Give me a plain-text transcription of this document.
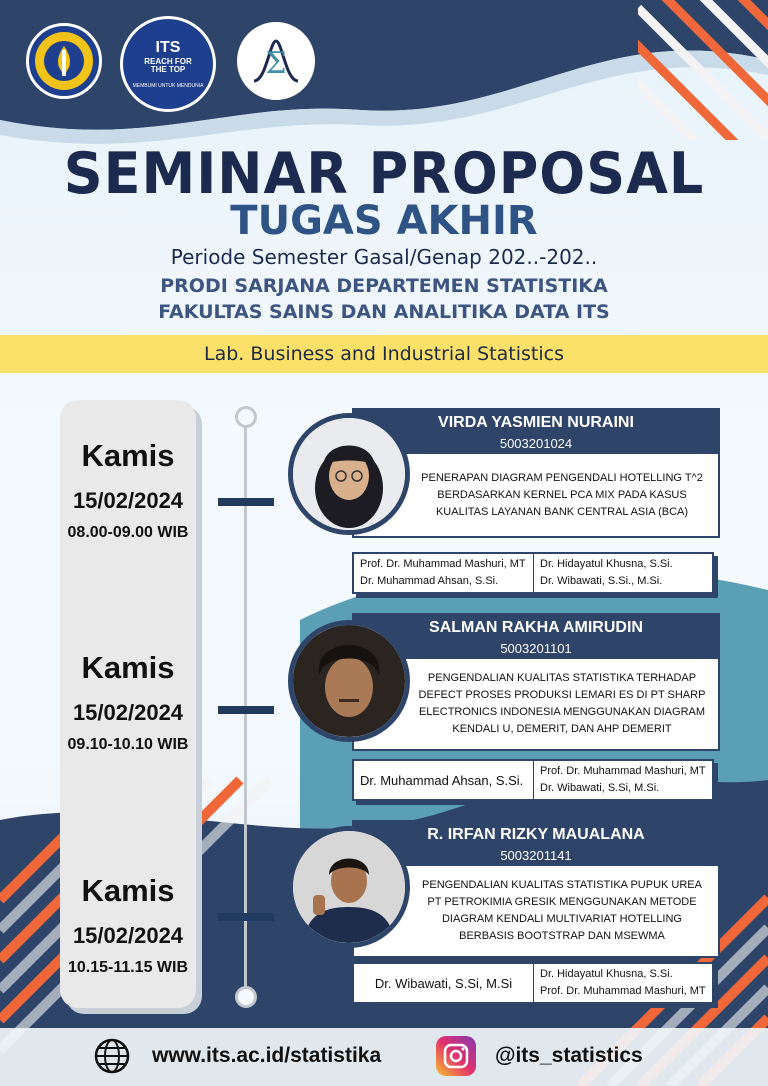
ITS
REACH FOR THE TOP
MEMBUMI UNTUK MENDUNIA
Σ
SEMINAR PROPOSAL
TUGAS AKHIR
Periode Semester Gasal/Genap 202..-202..
PRODI SARJANA DEPARTEMEN STATISTIKA
FAKULTAS SAINS DAN ANALITIKA DATA ITS
Lab. Business and Industrial Statistics
Kamis
15/02/2024
08.00-09.00 WIB
Kamis
15/02/2024
09.10-10.10 WIB
Kamis
15/02/2024
10.15-11.15 WIB
VIRDA YASMIEN NURAINI
5003201024
PENERAPAN DIAGRAM PENGENDALI HOTELLING T^2 BERDASARKAN KERNEL PCA MIX PADA KASUS KUALITAS LAYANAN BANK CENTRAL ASIA (BCA)
Prof. Dr. Muhammad Mashuri, MT
Dr. Muhammad Ahsan, S.Si.
Dr. Hidayatul Khusna, S.Si.
Dr. Wibawati, S.Si., M.Si.
SALMAN RAKHA AMIRUDIN
5003201101
PENGENDALIAN KUALITAS STATISTIKA TERHADAP DEFECT PROSES PRODUKSI LEMARI ES DI PT SHARP ELECTRONICS INDONESIA MENGGUNAKAN DIAGRAM KENDALI U, DEMERIT, DAN AHP DEMERIT
Dr. Muhammad Ahsan, S.Si.
Prof. Dr. Muhammad Mashuri, MT
Dr. Wibawati, S.Si, M.Si.
R. IRFAN RIZKY MAUALANA
5003201141
PENGENDALIAN KUALITAS STATISTIKA PUPUK UREA PT PETROKIMIA GRESIK MENGGUNAKAN METODE DIAGRAM KENDALI MULTIVARIAT HOTELLING BERBASIS BOOTSTRAP DAN MSEWMA
Dr. Wibawati, S.Si, M.Si
Dr. Hidayatul Khusna, S.Si.
Prof. Dr. Muhammad Mashuri, MT
www.its.ac.id/statistika	@its_statistics
